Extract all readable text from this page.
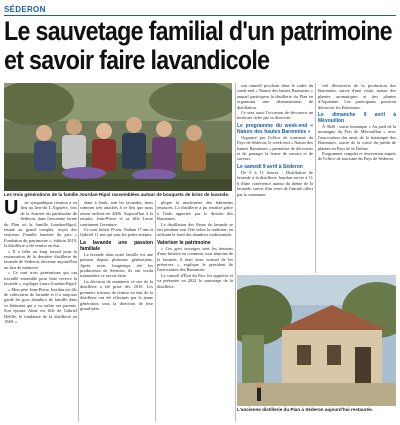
SÉDERON
Le sauvetage familial d'un patrimoine
et savoir faire lavandicole
Les trois générations de la famille Jourdan-Ripol rassemblées autour de bouquets de brins de lavande.
U	ne sympathique réunion a eu lieu au lieu-dit L'Aiguière, lors de la Journée du patrimoine de Séderon, dans l'ancienne ferme du Plan où la famille Jourdan-Ripol, réunie au grand complet, reçoit des visiteurs. Famille lauréate du prix « Fondation du patrimoine », édition 2019, la distillerie a été remise en état.

« Il a fallu un long travail pour la restauration de la dernière distillerie de lavande de Séderon, devenue aujourd'hui un lieu de mémoire.

« Ce sont trois générations qui ont travaillé ensemble pour faire revivre la lavande », explique Laure Jourdan-Ripol.

« Mon père Jean-Pierre Jourdan est fils de cultivateur de lavande et il a toujours gardé les gros alambics de famille dans ce bâtiment qui a vu naître ses parents. Son épouse Aline est fille de Gabriel Delille, le fondateur de la distillerie en 1948. »

étant à Sault, tant les lavandes, nous sommes très attachés à ce lieu que nous avons racheté en 2006. Aujourd'hui à la retraite, Jean-Pierre et sa fille Laure continuent l'aventure.

Ce sont Julien 19 ans, Nathan 17 ans et Gabriel 11 ans qui sont les petits-enfants.

La lavande une passion familiale

La lavande dans notre famille est une passion depuis plusieurs générations. Après avoir longtemps été les producteurs de Séderon, ils ont voulu transmettre ce savoir-faire.

La décision de maintenir ce site de la distillerie a été prise dès 2019. Les premiers travaux de remise en état de la distillerie ont été effectués par la jeune génération sous la direction de leur grand-père.

plique la machinerie des bâtiments restaurés. La distillerie a pu renaître grâce à l'aide apportée par le dossier des Baronnies.

Le distillation des fleurs de lavande se fait pendant tout l'été selon la tradition, en utilisant le fond des alambics traditionnels.

Valoriser le patrimoine

« Ces gros ouvrages sont les témoins d'une histoire en commun, tous témoins de la lavande, il était donc normal de les préserver », explique le président de l'association des Baronnies.

Le conseil d'État du Parc les apprécie et va présenter en 2022 le sauvetage de la distillerie.

son samedi prochain dans le cadre du week-end « Nature des hautes Baronnies » auquel participera la distillerie du Plan en organisant une démonstration de distillation.

Ce sera aussi l'occasion de découvrir un territoire riche par sa diversité.

Le programme du week-end « Nature des hautes Baronnies »

Organisé par l'office de tourisme du Pays de Séderon, le week-end « Nature des hautes Baronnies » permettra de découvrir et de partager la ferme de savoirs et de saveurs.

Le samedi 9 avril à Séderon

De 9 à 11 heures : Distillation de lavande à la distillerie Jourdan suivie à 11 h d'une conférence autour du thème de la lavande, suivie d'un verre de l'amitié offert par la commune.

ciel découverts de la production des Baronnies, suivie d'une visite, autour des plantes aromatiques et des plantes d'Aquitaine. Les participants pourront découvrir les Baronnies.

Le dimanche 9 avril à Mévouillon

À 9h30 : sortie botanique « Au pied de la montagne du Fort de Mévouillon » avec l'association des amis de la botanique des Baronnies, suivie de la visite du jardin de plantes en Pays de la Drôme.

Programme complet et réservation auprès de l'office de tourisme du Pays de Séderon.

L'ancienne distillerie du Plan à Séderon aujourd'hui restaurée.
